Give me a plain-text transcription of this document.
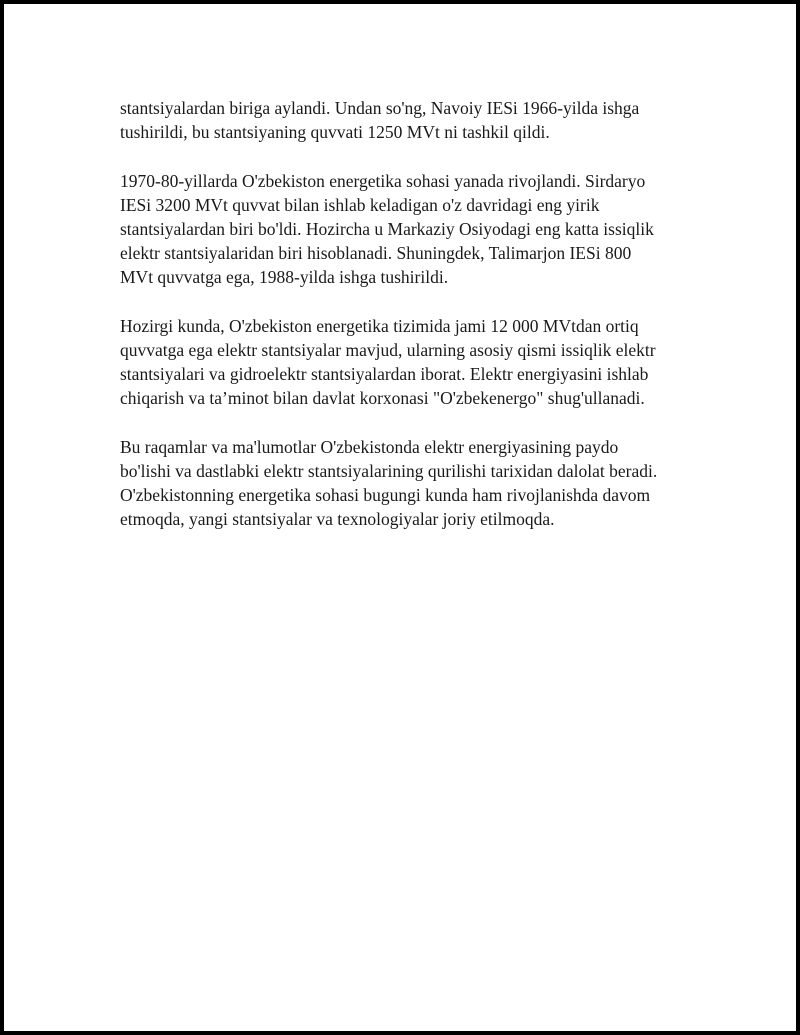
stantsiyalardan biriga aylandi. Undan so'ng, Navoiy IESi 1966-yilda ishga
tushirildi, bu stantsiyaning quvvati 1250 MVt ni tashkil qildi.

1970-80-yillarda O'zbekiston energetika sohasi yanada rivojlandi. Sirdaryo
IESi 3200 MVt quvvat bilan ishlab keladigan o'z davridagi eng yirik
stantsiyalardan biri bo'ldi. Hozircha u Markaziy Osiyodagi eng katta issiqlik
elektr stantsiyalaridan biri hisoblanadi. Shuningdek, Talimarjon IESi 800
MVt quvvatga ega, 1988-yilda ishga tushirildi.

Hozirgi kunda, O'zbekiston energetika tizimida jami 12 000 MVtdan ortiq
quvvatga ega elektr stantsiyalar mavjud, ularning asosiy qismi issiqlik elektr
stantsiyalari va gidroelektr stantsiyalardan iborat. Elektr energiyasini ishlab
chiqarish va ta’minot bilan davlat korxonasi "O'zbekenergo" shug'ullanadi.

Bu raqamlar va ma'lumotlar O'zbekistonda elektr energiyasining paydo
bo'lishi va dastlabki elektr stantsiyalarining qurilishi tarixidan dalolat beradi.
O'zbekistonning energetika sohasi bugungi kunda ham rivojlanishda davom
etmoqda, yangi stantsiyalar va texnologiyalar joriy etilmoqda.
